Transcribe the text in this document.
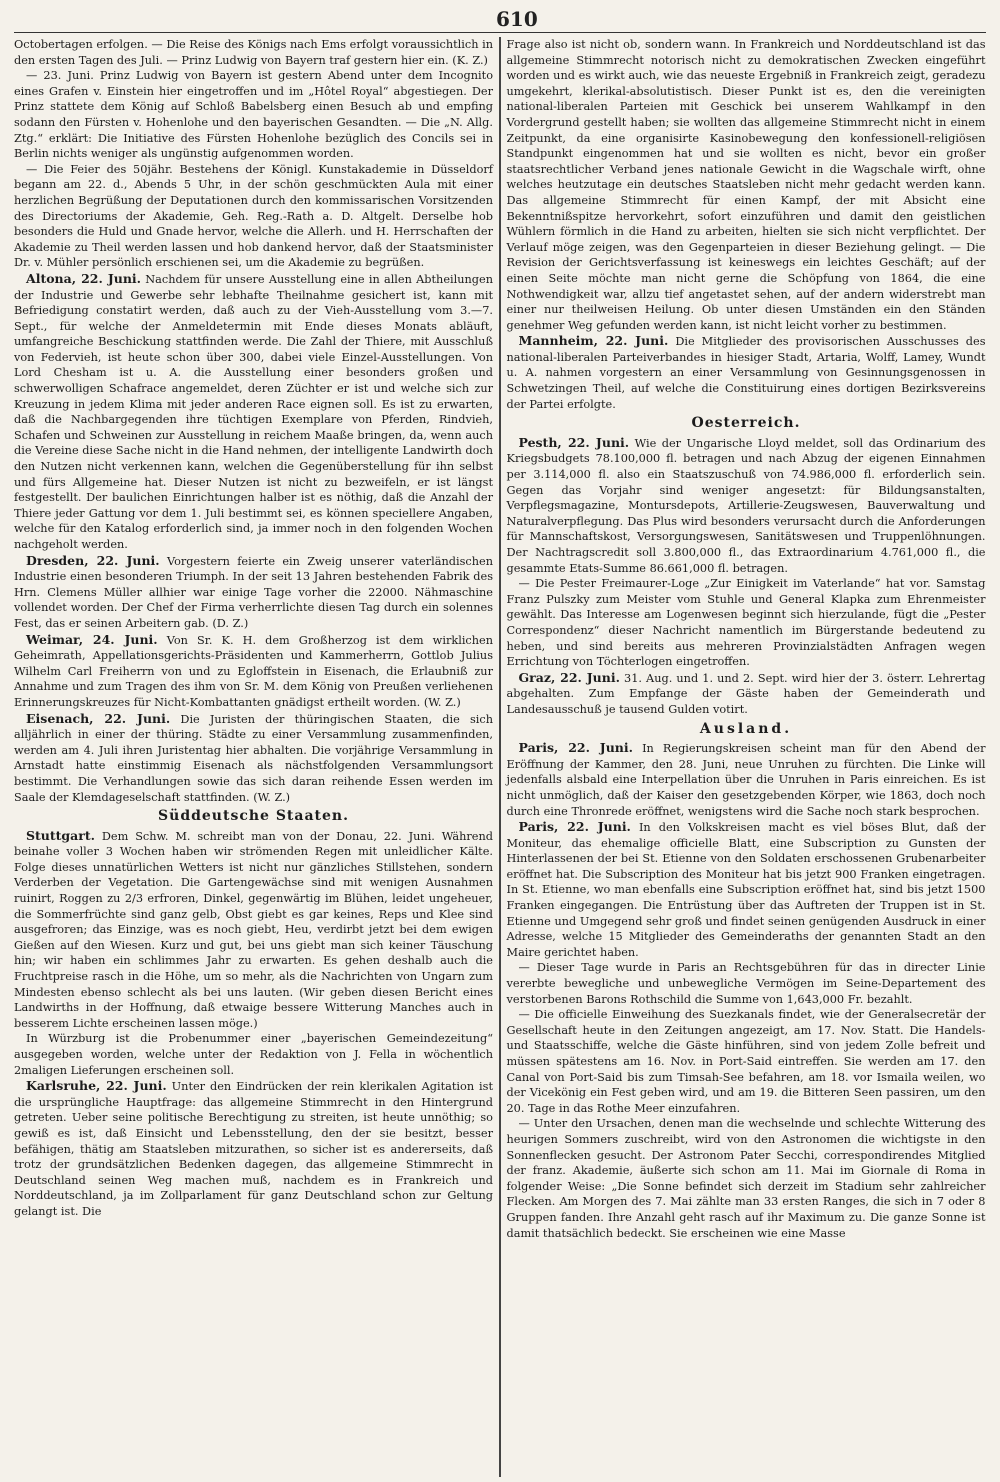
610

Octobertagen erfolgen. — Die Reise des Königs nach Ems erfolgt voraussichtlich in den ersten Tagen des Juli. — Prinz Ludwig von Bayern traf gestern hier ein. (K. Z.)

— 23. Juni. Prinz Ludwig von Bayern ist gestern Abend unter dem Incognito eines Grafen v. Einstein hier eingetroffen und im „Hôtel Royal“ abgestiegen. Der Prinz stattete dem König auf Schloß Babelsberg einen Besuch ab und empfing sodann den Fürsten v. Hohenlohe und den bayerischen Gesandten. — Die „N. Allg. Ztg.“ erklärt: Die Initiative des Fürsten Hohenlohe bezüglich des Concils sei in Berlin nichts weniger als ungünstig aufgenommen worden.

— Die Feier des 50jähr. Bestehens der Königl. Kunstakademie in Düsseldorf begann am 22. d., Abends 5 Uhr, in der schön geschmückten Aula mit einer herzlichen Begrüßung der Deputationen durch den kommissarischen Vorsitzenden des Directoriums der Akademie, Geh. Reg.-Rath a. D. Altgelt. Derselbe hob besonders die Huld und Gnade hervor, welche die Allerh. und H. Herrschaften der Akademie zu Theil werden lassen und hob dankend hervor, daß der Staatsminister Dr. v. Mühler persönlich erschienen sei, um die Akademie zu begrüßen.

Altona, 22. Juni. Nachdem für unsere Ausstellung eine in allen Abtheilungen der Industrie und Gewerbe sehr lebhafte Theilnahme gesichert ist, kann mit Befriedigung constatirt werden, daß auch zu der Vieh-Ausstellung vom 3.—7. Sept., für welche der Anmeldetermin mit Ende dieses Monats abläuft, umfangreiche Beschickung stattfinden werde. Die Zahl der Thiere, mit Ausschluß von Federvieh, ist heute schon über 300, dabei viele Einzel-Ausstellungen. Von Lord Chesham ist u. A. die Ausstellung einer besonders großen und schwerwolligen Schafrace angemeldet, deren Züchter er ist und welche sich zur Kreuzung in jedem Klima mit jeder anderen Race eignen soll. Es ist zu erwarten, daß die Nachbargegenden ihre tüchtigen Exemplare von Pferden, Rindvieh, Schafen und Schweinen zur Ausstellung in reichem Maaße bringen, da, wenn auch die Vereine diese Sache nicht in die Hand nehmen, der intelligente Landwirth doch den Nutzen nicht verkennen kann, welchen die Gegenüberstellung für ihn selbst und fürs Allgemeine hat. Dieser Nutzen ist nicht zu bezweifeln, er ist längst festgestellt. Der baulichen Einrichtungen halber ist es nöthig, daß die Anzahl der Thiere jeder Gattung vor dem 1. Juli bestimmt sei, es können speciellere Angaben, welche für den Katalog erforderlich sind, ja immer noch in den folgenden Wochen nachgeholt werden.

Dresden, 22. Juni. Vorgestern feierte ein Zweig unserer vaterländischen Industrie einen besonderen Triumph. In der seit 13 Jahren bestehenden Fabrik des Hrn. Clemens Müller allhier war einige Tage vorher die 22000. Nähmaschine vollendet worden. Der Chef der Firma verherrlichte diesen Tag durch ein solennes Fest, das er seinen Arbeitern gab. (D. Z.)

Weimar, 24. Juni. Von Sr. K. H. dem Großherzog ist dem wirklichen Geheimrath, Appellationsgerichts-Präsidenten und Kammerherrn, Gottlob Julius Wilhelm Carl Freiherrn von und zu Egloffstein in Eisenach, die Erlaubniß zur Annahme und zum Tragen des ihm von Sr. M. dem König von Preußen verliehenen Erinnerungskreuzes für Nicht-Kombattanten gnädigst ertheilt worden. (W. Z.)

Eisenach, 22. Juni. Die Juristen der thüringischen Staaten, die sich alljährlich in einer der thüring. Städte zu einer Versammlung zusammenfinden, werden am 4. Juli ihren Juristentag hier abhalten. Die vorjährige Versammlung in Arnstadt hatte einstimmig Eisenach als nächstfolgenden Versammlungsort bestimmt. Die Verhandlungen sowie das sich daran reihende Essen werden im Saale der Klemdageselschaft stattfinden. (W. Z.)

Süddeutsche Staaten.

Stuttgart. Dem Schw. M. schreibt man von der Donau, 22. Juni. Während beinahe voller 3 Wochen haben wir strömenden Regen mit unleidlicher Kälte. Folge dieses unnatürlichen Wetters ist nicht nur gänzliches Stillstehen, sondern Verderben der Vegetation. Die Gartengewächse sind mit wenigen Ausnahmen ruinirt, Roggen zu 2/3 erfroren, Dinkel, gegenwärtig im Blühen, leidet ungeheuer, die Sommerfrüchte sind ganz gelb, Obst giebt es gar keines, Reps und Klee sind ausgefroren; das Einzige, was es noch giebt, Heu, verdirbt jetzt bei dem ewigen Gießen auf den Wiesen. Kurz und gut, bei uns giebt man sich keiner Täuschung hin; wir haben ein schlimmes Jahr zu erwarten. Es gehen deshalb auch die Fruchtpreise rasch in die Höhe, um so mehr, als die Nachrichten von Ungarn zum Mindesten ebenso schlecht als bei uns lauten. (Wir geben diesen Bericht eines Landwirths in der Hoffnung, daß etwaige bessere Witterung Manches auch in besserem Lichte erscheinen lassen möge.)

In Würzburg ist die Probenummer einer „bayerischen Gemeindezeitung“ ausgegeben worden, welche unter der Redaktion von J. Fella in wöchentlich 2maligen Lieferungen erscheinen soll.

Karlsruhe, 22. Juni. Unter den Eindrücken der rein klerikalen Agitation ist die ursprüngliche Hauptfrage: das allgemeine Stimmrecht in den Hintergrund getreten. Ueber seine politische Berechtigung zu streiten, ist heute unnöthig; so gewiß es ist, daß Einsicht und Lebensstellung, den der sie besitzt, besser befähigen, thätig am Staatsleben mitzurathen, so sicher ist es andererseits, daß trotz der grundsätzlichen Bedenken dagegen, das allgemeine Stimmrecht in Deutschland seinen Weg machen muß, nachdem es in Frankreich und Norddeutschland, ja im Zollparlament für ganz Deutschland schon zur Geltung gelangt ist. Die

Frage also ist nicht ob, sondern wann. In Frankreich und Norddeutschland ist das allgemeine Stimmrecht notorisch nicht zu demokratischen Zwecken eingeführt worden und es wirkt auch, wie das neueste Ergebniß in Frankreich zeigt, geradezu umgekehrt, klerikal-absolutistisch. Dieser Punkt ist es, den die vereinigten national-liberalen Parteien mit Geschick bei unserem Wahlkampf in den Vordergrund gestellt haben; sie wollten das allgemeine Stimmrecht nicht in einem Zeitpunkt, da eine organisirte Kasinobewegung den konfessionell-religiösen Standpunkt eingenommen hat und sie wollten es nicht, bevor ein großer staatsrechtlicher Verband jenes nationale Gewicht in die Wagschale wirft, ohne welches heutzutage ein deutsches Staatsleben nicht mehr gedacht werden kann. Das allgemeine Stimmrecht für einen Kampf, der mit Absicht eine Bekenntnißspitze hervorkehrt, sofort einzuführen und damit den geistlichen Wühlern förmlich in die Hand zu arbeiten, hielten sie sich nicht verpflichtet. Der Verlauf möge zeigen, was den Gegenparteien in dieser Beziehung gelingt. — Die Revision der Gerichtsverfassung ist keineswegs ein leichtes Geschäft; auf der einen Seite möchte man nicht gerne die Schöpfung von 1864, die eine Nothwendigkeit war, allzu tief angetastet sehen, auf der andern widerstrebt man einer nur theilweisen Heilung. Ob unter diesen Umständen ein den Ständen genehmer Weg gefunden werden kann, ist nicht leicht vorher zu bestimmen.

Mannheim, 22. Juni. Die Mitglieder des provisorischen Ausschusses des national-liberalen Parteiverbandes in hiesiger Stadt, Artaria, Wolff, Lamey, Wundt u. A. nahmen vorgestern an einer Versammlung von Gesinnungsgenossen in Schwetzingen Theil, auf welche die Constituirung eines dortigen Bezirksvereins der Partei erfolgte.

Oesterreich.

Pesth, 22. Juni. Wie der Ungarische Lloyd meldet, soll das Ordinarium des Kriegsbudgets 78.100,000 fl. betragen und nach Abzug der eigenen Einnahmen per 3.114,000 fl. also ein Staatszuschuß von 74.986,000 fl. erforderlich sein. Gegen das Vorjahr sind weniger angesetzt: für Bildungsanstalten, Verpflegsmagazine, Montursdepots, Artillerie-Zeugswesen, Bauverwaltung und Naturalverpflegung. Das Plus wird besonders verursacht durch die Anforderungen für Mannschaftskost, Versorgungswesen, Sanitätswesen und Truppenlöhnungen. Der Nachtragscredit soll 3.800,000 fl., das Extraordinarium 4.761,000 fl., die gesammte Etats-Summe 86.661,000 fl. betragen.

— Die Pester Freimaurer-Loge „Zur Einigkeit im Vaterlande“ hat vor. Samstag Franz Pulszky zum Meister vom Stuhle und General Klapka zum Ehrenmeister gewählt. Das Interesse am Logenwesen beginnt sich hierzulande, fügt die „Pester Correspondenz“ dieser Nachricht namentlich im Bürgerstande bedeutend zu heben, und sind bereits aus mehreren Provinzialstädten Anfragen wegen Errichtung von Töchterlogen eingetroffen.

Graz, 22. Juni. 31. Aug. und 1. und 2. Sept. wird hier der 3. österr. Lehrertag abgehalten. Zum Empfange der Gäste haben der Gemeinderath und Landesausschuß je tausend Gulden votirt.

Ausland.

Paris, 22. Juni. In Regierungskreisen scheint man für den Abend der Eröffnung der Kammer, den 28. Juni, neue Unruhen zu fürchten. Die Linke will jedenfalls alsbald eine Interpellation über die Unruhen in Paris einreichen. Es ist nicht unmöglich, daß der Kaiser den gesetzgebenden Körper, wie 1863, doch noch durch eine Thronrede eröffnet, wenigstens wird die Sache noch stark besprochen.

Paris, 22. Juni. In den Volkskreisen macht es viel böses Blut, daß der Moniteur, das ehemalige officielle Blatt, eine Subscription zu Gunsten der Hinterlassenen der bei St. Etienne von den Soldaten erschossenen Grubenarbeiter eröffnet hat. Die Subscription des Moniteur hat bis jetzt 900 Franken eingetragen. In St. Etienne, wo man ebenfalls eine Subscription eröffnet hat, sind bis jetzt 1500 Franken eingegangen. Die Entrüstung über das Auftreten der Truppen ist in St. Etienne und Umgegend sehr groß und findet seinen genügenden Ausdruck in einer Adresse, welche 15 Mitglieder des Gemeinderaths der genannten Stadt an den Maire gerichtet haben.

— Dieser Tage wurde in Paris an Rechtsgebühren für das in directer Linie vererbte bewegliche und unbewegliche Vermögen im Seine-Departement des verstorbenen Barons Rothschild die Summe von 1,643,000 Fr. bezahlt.

— Die officielle Einweihung des Suezkanals findet, wie der Generalsecretär der Gesellschaft heute in den Zeitungen angezeigt, am 17. Nov. Statt. Die Handels- und Staatsschiffe, welche die Gäste hinführen, sind von jedem Zolle befreit und müssen spätestens am 16. Nov. in Port-Said eintreffen. Sie werden am 17. den Canal von Port-Said bis zum Timsah-See befahren, am 18. vor Ismaila weilen, wo der Vicekönig ein Fest geben wird, und am 19. die Bitteren Seen passiren, um den 20. Tage in das Rothe Meer einzufahren.

— Unter den Ursachen, denen man die wechselnde und schlechte Witterung des heurigen Sommers zuschreibt, wird von den Astronomen die wichtigste in den Sonnenflecken gesucht. Der Astronom Pater Secchi, correspondirendes Mitglied der franz. Akademie, äußerte sich schon am 11. Mai im Giornale di Roma in folgender Weise: „Die Sonne befindet sich derzeit im Stadium sehr zahlreicher Flecken. Am Morgen des 7. Mai zählte man 33 ersten Ranges, die sich in 7 oder 8 Gruppen fanden. Ihre Anzahl geht rasch auf ihr Maximum zu. Die ganze Sonne ist damit thatsächlich bedeckt. Sie erscheinen wie eine Masse
